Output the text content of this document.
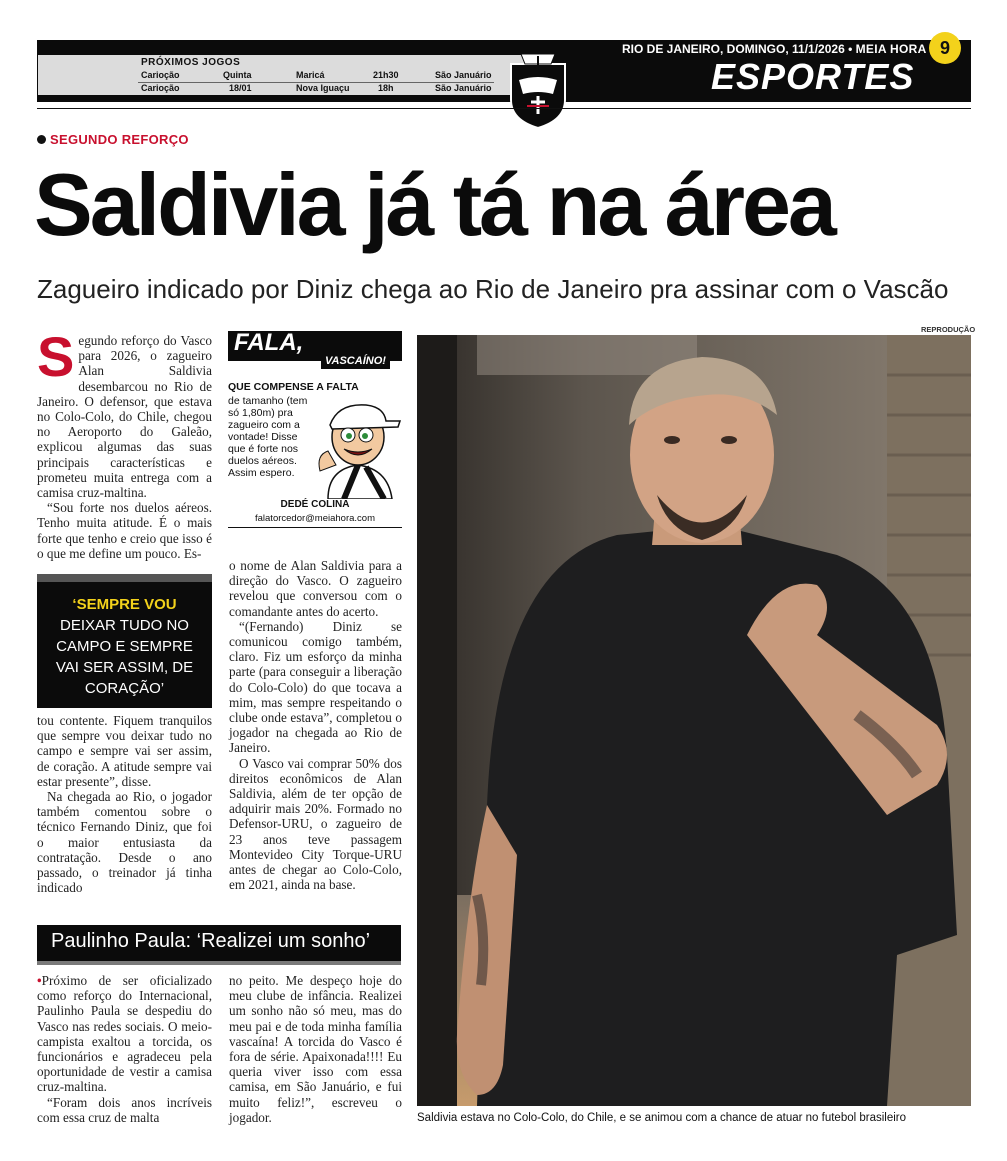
PRÓXIMOS JOGOS
Carioção	Quinta	Maricá	21h30	São Januário
Carioção	18/01	Nova Iguaçu	18h	São Januário
RIO DE JANEIRO, DOMINGO, 11/1/2026 • MEIA HORA 9
ESPORTES
SEGUNDO REFORÇO
Saldivia já tá na área
Zagueiro indicado por Diniz chega ao Rio de Janeiro pra assinar com o Vascão
S egundo reforço do Vasco para 2026, o zagueiro Alan Saldivia desembarcou no Rio de Janeiro. O defensor, que estava no Colo-Colo, do Chile, chegou no Aeroporto do Galeão, explicou algumas das suas principais características e prometeu muita entrega com a camisa cruz-maltina.

“Sou forte nos duelos aéreos. Tenho muita atitude. É o mais forte que tenho e creio que isso é o que me define um pouco. Es-

‘SEMPRE VOU
DEIXAR TUDO NO CAMPO E SEMPRE VAI SER ASSIM, DE CORAÇÃO’

tou contente. Fiquem tranquilos que sempre vou deixar tudo no campo e sempre vai ser assim, de coração. A atitude sempre vai estar presente”, disse.

Na chegada ao Rio, o jogador também comentou sobre o técnico Fernando Diniz, que foi o maior entusiasta da contratação. Desde o ano passado, o treinador já tinha indicado

FALA,
VASCAÍNO!
QUE COMPENSE A FALTA
de tamanho (tem só 1,80m) pra zagueiro com a vontade! Disse que é forte nos duelos aéreos. Assim espero.
DEDÉ COLINA
falatorcedor@meiahora.com

o nome de Alan Saldivia para a direção do Vasco. O zagueiro revelou que conversou com o comandante antes do acerto.

“(Fernando) Diniz se comunicou comigo também, claro. Fiz um esforço da minha parte (para conseguir a liberação do Colo-Colo) do que tocava a mim, mas sempre respeitando o clube onde estava”, completou o jogador na chegada ao Rio de Janeiro.

O Vasco vai comprar 50% dos direitos econômicos de Alan Saldivia, além de ter opção de adquirir mais 20%. Formado no Defensor-URU, o zagueiro de 23 anos teve passagem Montevideo City Torque-URU antes de chegar ao Colo-Colo, em 2021, ainda na base.

REPRODUÇÃO
Saldivia estava no Colo-Colo, do Chile, e se animou com a chance de atuar no futebol brasileiro
Paulinho Paula: ‘Realizei um sonho’

•Próximo de ser oficializado como reforço do Internacional, Paulinho Paula se despediu do Vasco nas redes sociais. O meio-campista exaltou a torcida, os funcionários e agradeceu pela oportunidade de vestir a camisa cruz-maltina.

“Foram dois anos incríveis com essa cruz de malta

no peito. Me despeço hoje do meu clube de infância. Realizei um sonho não só meu, mas do meu pai e de toda minha família vascaína! A torcida do Vasco é fora de série. Apaixonada!!!! Eu queria viver isso com essa camisa, em São Januário, e fui muito feliz!”, escreveu o jogador.
